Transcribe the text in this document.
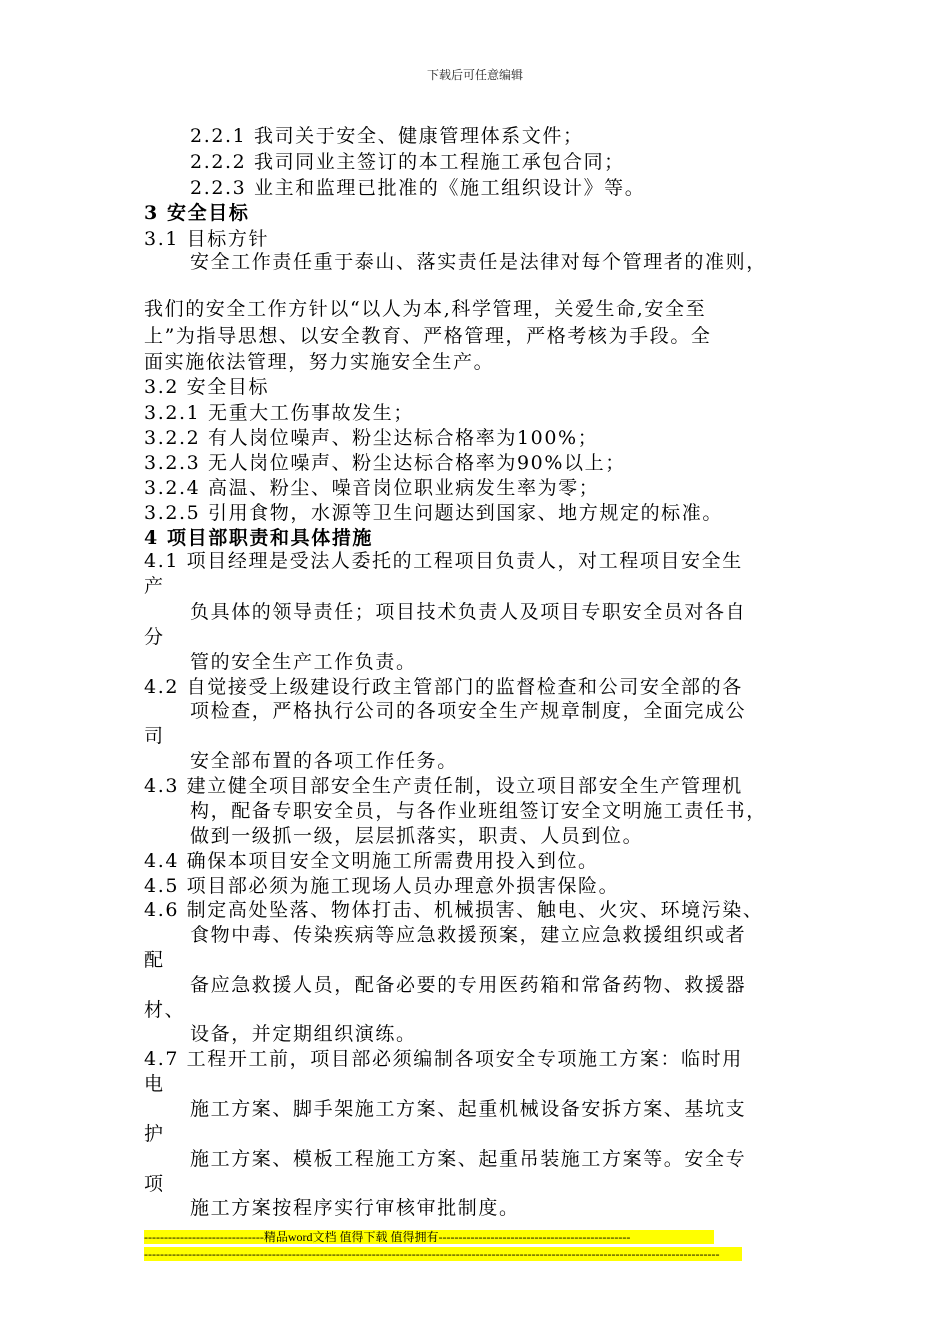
下载后可任意编辑
2.2.1 我司关于安全、健康管理体系文件；
2.2.2 我司同业主签订的本工程施工承包合同；
2.2.3 业主和监理已批准的《施工组织设计》等。
3 安全目标
3.1 目标方针
安全工作责任重于泰山、落实责任是法律对每个管理者的准则，
我们的安全工作方针以“以人为本,科学管理，关爱生命,安全至
上”为指导思想、以安全教育、严格管理，严格考核为手段。全
面实施依法管理，努力实施安全生产。
3.2 安全目标
3.2.1 无重大工伤事故发生；
3.2.2 有人岗位噪声、粉尘达标合格率为100%；
3.2.3 无人岗位噪声、粉尘达标合格率为90%以上；
3.2.4 高温、粉尘、噪音岗位职业病发生率为零；
3.2.5 引用食物，水源等卫生问题达到国家、地方规定的标准。
4 项目部职责和具体措施
4.1 项目经理是受法人委托的工程项目负责人，对工程项目安全生
产
负具体的领导责任；项目技术负责人及项目专职安全员对各自
分
管的安全生产工作负责。
4.2 自觉接受上级建设行政主管部门的监督检查和公司安全部的各
项检查，严格执行公司的各项安全生产规章制度，全面完成公
司
安全部布置的各项工作任务。
4.3 建立健全项目部安全生产责任制，设立项目部安全生产管理机
构，配备专职安全员，与各作业班组签订安全文明施工责任书，
做到一级抓一级，层层抓落实，职责、人员到位。
4.4 确保本项目安全文明施工所需费用投入到位。
4.5 项目部必须为施工现场人员办理意外损害保险。
4.6 制定高处坠落、物体打击、机械损害、触电、火灾、环境污染、
食物中毒、传染疾病等应急救援预案，建立应急救援组织或者
配
备应急救援人员，配备必要的专用医药箱和常备药物、救援器
材、
设备，并定期组织演练。
4.7 工程开工前，项目部必须编制各项安全专项施工方案：临时用
电
施工方案、脚手架施工方案、起重机械设备安拆方案、基坑支
护
施工方案、模板工程施工方案、起重吊装施工方案等。安全专
项
施工方案按程序实行审核审批制度。
------------------------------精品word文档 值得下载 值得拥有------------------------------------------------
------------------------------------------------------------------------------------------------------------------------------------------------
